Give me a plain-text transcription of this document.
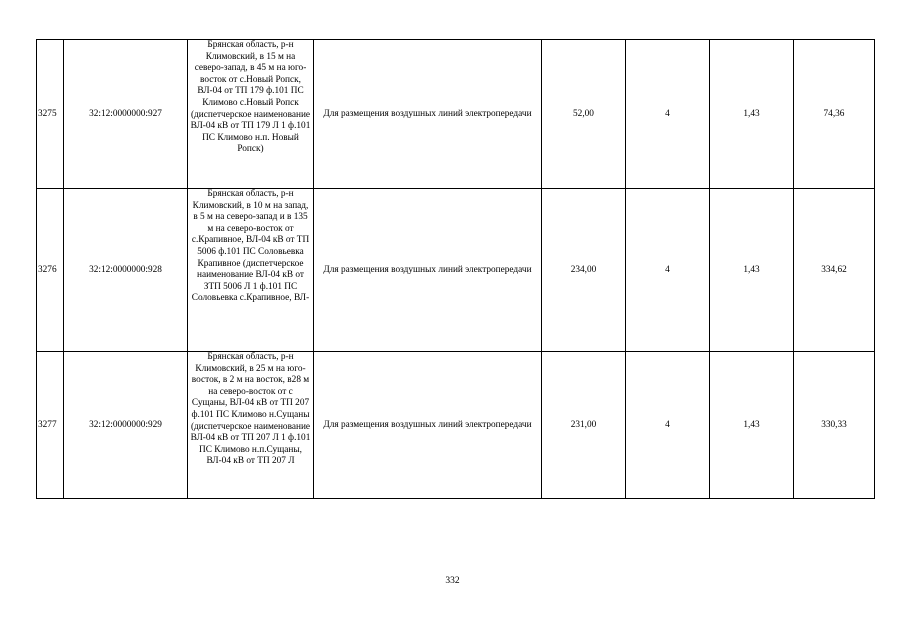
3275	32:12:0000000:927	Брянская область, р-н Климовский, в 15 м на северо-запад, в 45 м на юго-восток от с.Новый Ропск, ВЛ-04 от ТП 179 ф.101 ПС Климово с.Новый Ропск (диспетчерское наименование ВЛ-04 кВ от ТП 179 Л 1 ф.101 ПС Климово н.п. Новый Ропск)	Для размещения воздушных линий электропередачи	52,00	4	1,43	74,36
3276	32:12:0000000:928	Брянская область, р-н Климовский, в 10 м на запад, в 5 м на северо-запад и в 135 м на северо-восток от с.Крапивное, ВЛ-04 кВ от ТП 5006 ф.101 ПС Соловьевка Крапивное (диспетчерское наименование ВЛ-04 кВ от ЗТП 5006 Л 1 ф.101 ПС Соловьевка с.Крапивное, ВЛ-	Для размещения воздушных линий электропередачи	234,00	4	1,43	334,62
3277	32:12:0000000:929	Брянская область, р-н Климовский, в 25 м на юго-восток, в 2 м на восток, в28 м на северо-восток от с Сущаны, ВЛ-04 кВ от ТП 207 ф.101 ПС Климово н.Сущаны (диспетчерское наименование ВЛ-04 кВ от ТП 207 Л 1 ф.101 ПС Климово н.п.Сущаны, ВЛ-04 кВ от ТП 207 Л	Для размещения воздушных линий электропередачи	231,00	4	1,43	330,33
332
